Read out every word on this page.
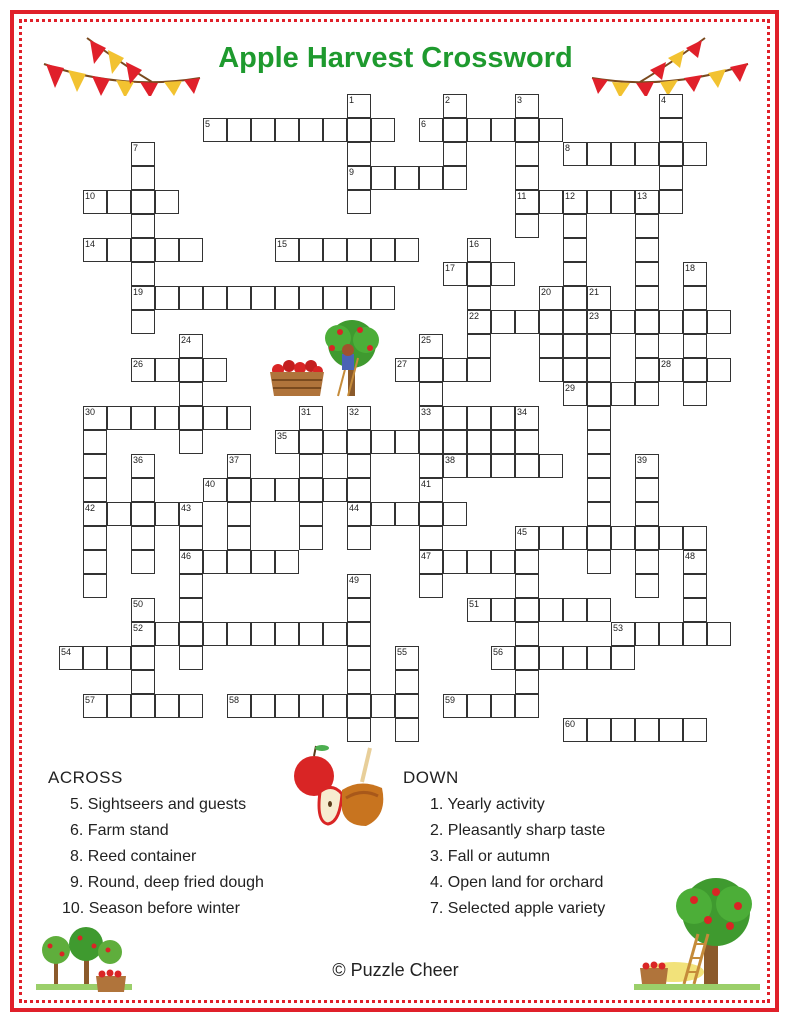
Apple Harvest Crossword
1	2	3	4
5	6
7	8
9
10	11	12	13
14	15	16
17	18
19	20	21
22	23
24	25
26	27	28
29
30	31	32	33	34
35
36	37	38	39
40	41
42	43	44
45
46	47	48
49
50	51
52	53
54	55	56
57	58	59
60
ACROSS
5. Sightseers and guests
6. Farm stand
8. Reed container
9. Round, deep fried dough
10. Season before winter
DOWN
1. Yearly activity
2. Pleasantly sharp taste
3. Fall or autumn
4. Open land for orchard
7. Selected apple variety
© Puzzle Cheer
